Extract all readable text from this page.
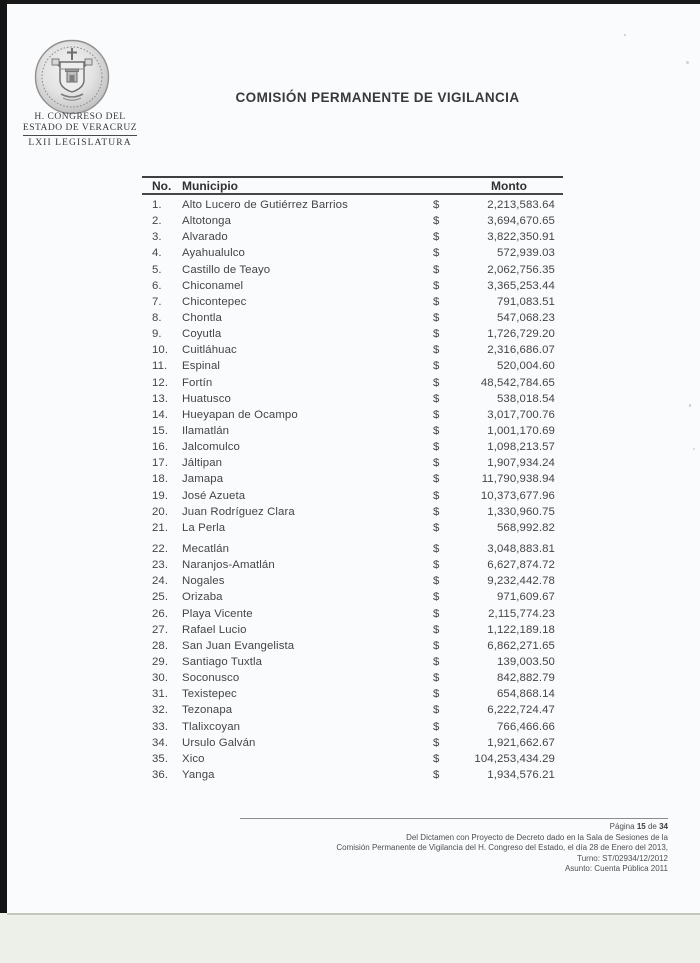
H. CONGRESO DEL
ESTADO DE VERACRUZ
LXII LEGISLATURA
COMISIÓN PERMANENTE DE VIGILANCIA
No. Municipio	Monto
1.	Alto Lucero de Gutiérrez Barrios	$	2,213,583.64
2.	Altotonga	$	3,694,670.65
3.	Alvarado	$	3,822,350.91
4.	Ayahualulco	$	572,939.03
5.	Castillo de Teayo	$	2,062,756.35
6.	Chiconamel	$	3,365,253.44
7.	Chicontepec	$	791,083.51
8.	Chontla	$	547,068.23
9.	Coyutla	$	1,726,729.20
10.	Cuitláhuac	$	2,316,686.07
11.	Espinal	$	520,004.60
12.	Fortín	$	48,542,784.65
13.	Huatusco	$	538,018.54
14.	Hueyapan de Ocampo	$	3,017,700.76
15.	Ilamatlán	$	1,001,170.69
16.	Jalcomulco	$	1,098,213.57
17.	Jáltipan	$	1,907,934.24
18.	Jamapa	$	11,790,938.94
19.	José Azueta	$	10,373,677.96
20.	Juan Rodríguez Clara	$	1,330,960.75
21.	La Perla	$	568,992.82
22.	Mecatlán	$	3,048,883.81
23.	Naranjos-Amatlán	$	6,627,874.72
24.	Nogales	$	9,232,442.78
25.	Orizaba	$	971,609.67
26.	Playa Vicente	$	2,115,774.23
27.	Rafael Lucio	$	1,122,189.18
28.	San Juan Evangelista	$	6,862,271.65
29.	Santiago Tuxtla	$	139,003.50
30.	Soconusco	$	842,882.79
31.	Texistepec	$	654,868.14
32.	Tezonapa	$	6,222,724.47
33.	Tlalixcoyan	$	766,466.66
34.	Ursulo Galván	$	1,921,662.67
35.	Xico	$	104,253,434.29
36.	Yanga	$	1,934,576.21
Página 15 de 34
Del Dictamen con Proyecto de Decreto dado en la Sala de Sesiones de la
Comisión Permanente de Vigilancia del H. Congreso del Estado, el día 28 de Enero del 2013,
Turno: ST/02934/12/2012
Asunto: Cuenta Pública 2011
